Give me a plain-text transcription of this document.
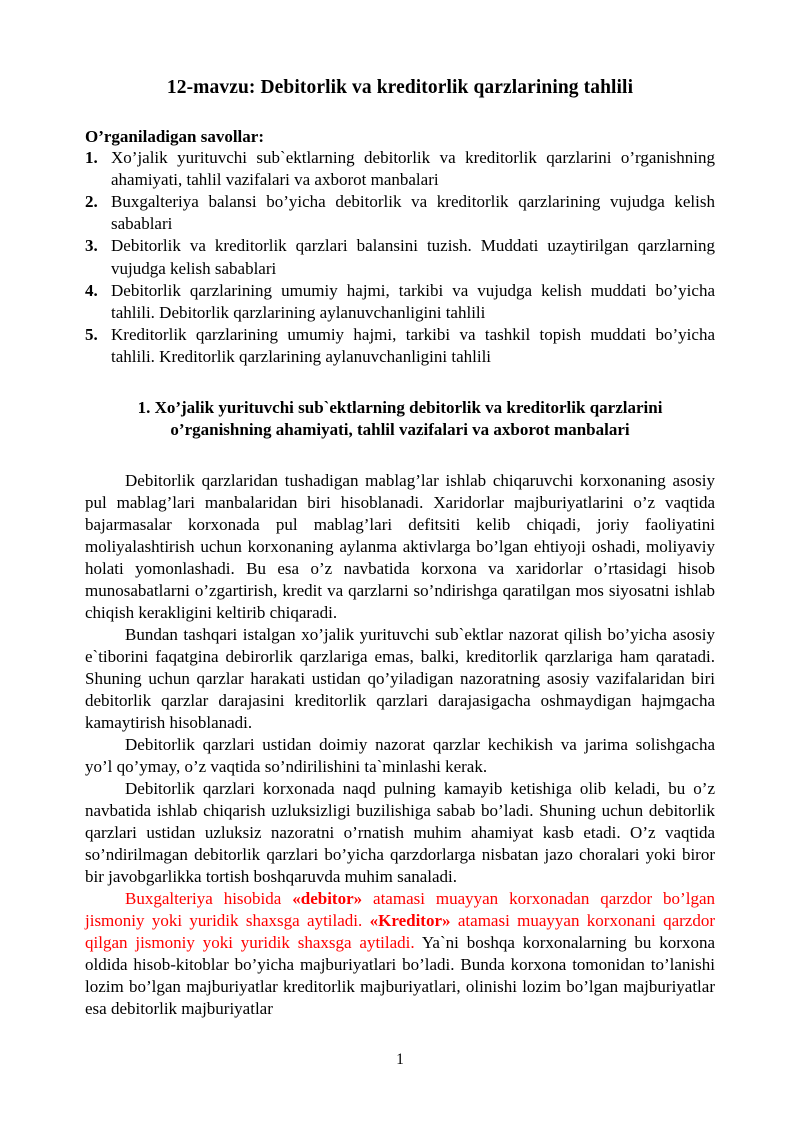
12-mavzu: Debitorlik va kreditorlik qarzlarining tahlili
O’rganiladigan savollar:
1. Xo’jalik yurituvchi sub`ektlarning debitorlik va kreditorlik qarzlarini o’rganishning ahamiyati, tahlil vazifalari va axborot manbalari
2. Buxgalteriya balansi bo’yicha debitorlik va kreditorlik qarzlarining vujudga kelish sabablari
3. Debitorlik va kreditorlik qarzlari balansini tuzish. Muddati uzaytirilgan qarzlarning vujudga kelish sabablari
4. Debitorlik qarzlarining umumiy hajmi, tarkibi va vujudga kelish muddati bo’yicha tahlili. Debitorlik qarzlarining aylanuvchanligini tahlili
5. Kreditorlik qarzlarining umumiy hajmi, tarkibi va tashkil topish muddati bo’yicha tahlili. Kreditorlik qarzlarining aylanuvchanligini tahlili
1. Xo’jalik yurituvchi sub`ektlarning debitorlik va kreditorlik qarzlarini o’rganishning ahamiyati, tahlil vazifalari va axborot manbalari

Debitorlik qarzlaridan tushadigan mablag’lar ishlab chiqaruvchi korxonaning asosiy pul mablag’lari manbalaridan biri hisoblanadi. Xaridorlar majburiyatlarini o’z vaqtida bajarmasalar korxonada pul mablag’lari defitsiti kelib chiqadi, joriy faoliyatini moliyalashtirish uchun korxonaning aylanma aktivlarga bo’lgan ehtiyoji oshadi, moliyaviy holati yomonlashadi. Bu esa o’z navbatida korxona va xaridorlar o’rtasidagi hisob munosabatlarni o’zgartirish, kredit va qarzlarni so’ndirishga qaratilgan mos siyosatni ishlab chiqish kerakligini keltirib chiqaradi.

Bundan tashqari istalgan xo’jalik yurituvchi sub`ektlar nazorat qilish bo’yicha asosiy e`tiborini faqatgina debirorlik qarzlariga emas, balki, kreditorlik qarzlariga ham qaratadi. Shuning uchun qarzlar harakati ustidan qo’yiladigan nazoratning asosiy vazifalaridan biri debitorlik qarzlar darajasini kreditorlik qarzlari darajasigacha oshmaydigan hajmgacha kamaytirish hisoblanadi.

Debitorlik qarzlari ustidan doimiy nazorat qarzlar kechikish va jarima solishgacha yo’l qo’ymay, o’z vaqtida so’ndirilishini ta`minlashi kerak.

Debitorlik qarzlari korxonada naqd pulning kamayib ketishiga olib keladi, bu o’z navbatida ishlab chiqarish uzluksizligi buzilishiga sabab bo’ladi. Shuning uchun debitorlik qarzlari ustidan uzluksiz nazoratni o’rnatish muhim ahamiyat kasb etadi. O’z vaqtida so’ndirilmagan debitorlik qarzlari bo’yicha qarzdorlarga nisbatan jazo choralari yoki biror bir javobgarlikka tortish boshqaruvda muhim sanaladi.

Buxgalteriya hisobida «debitor» atamasi muayyan korxonadan qarzdor bo’lgan jismoniy yoki yuridik shaxsga aytiladi. «Kreditor» atamasi muayyan korxonani qarzdor qilgan jismoniy yoki yuridik shaxsga aytiladi. Ya`ni boshqa korxonalarning bu korxona oldida hisob-kitoblar bo’yicha majburiyatlari bo’ladi. Bunda korxona tomonidan to’lanishi lozim bo’lgan majburiyatlar kreditorlik majburiyatlari, olinishi lozim bo’lgan majburiyatlar esa debitorlik majburiyatlar

1
